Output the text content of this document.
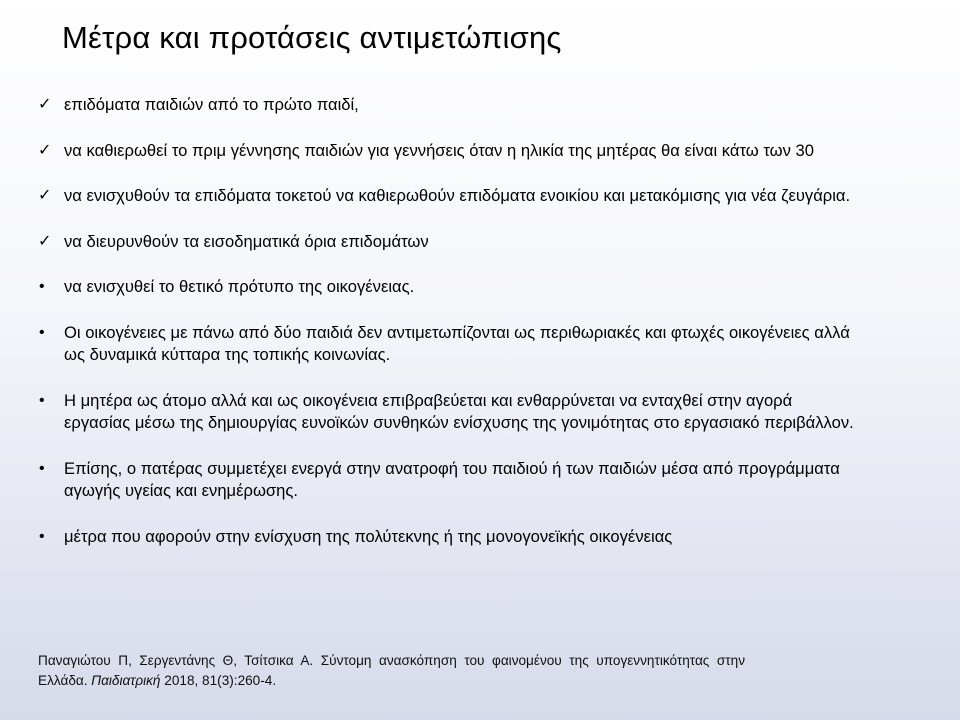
Μέτρα και προτάσεις αντιμετώπισης
✓ επιδόματα παιδιών από το πρώτο παιδί,
✓ να καθιερωθεί το πριμ γέννησης παιδιών για γεννήσεις όταν η ηλικία της μητέρας θα είναι κάτω των 30
✓ να ενισχυθούν τα επιδόματα τοκετού να καθιερωθούν επιδόματα ενοικίου και μετακόμισης για νέα ζευγάρια.
✓ να διευρυνθούν τα εισοδηματικά όρια επιδομάτων
•	να ενισχυθεί το θετικό πρότυπο της οικογένειας.
•	Οι οικογένειες με πάνω από δύο παιδιά δεν αντιμετωπίζονται ως περιθωριακές και φτωχές οικογένειες αλλά ως δυναμικά κύτταρα της τοπικής κοινωνίας.
•	Η μητέρα ως άτομο αλλά και ως οικογένεια επιβραβεύεται και ενθαρρύνεται να ενταχθεί στην αγορά εργασίας μέσω της δημιουργίας ευνοϊκών συνθηκών ενίσχυσης της γονιμότητας στο εργασιακό περιβάλλον.
•	Επίσης, ο πατέρας συμμετέχει ενεργά στην ανατροφή του παιδιού ή των παιδιών μέσα από προγράμματα αγωγής υγείας και ενημέρωσης.
•	μέτρα που αφορούν στην ενίσχυση της πολύτεκνης ή της μονογονεϊκής οικογένειας

Παναγιώτου Π, Σεργεντάνης Θ, Τσίτσικα Α. Σύντομη ανασκόπηση του φαινομένου της υπογεννητικότητας στην Ελλάδα. Παιδιατρική 2018, 81(3):260-4.
